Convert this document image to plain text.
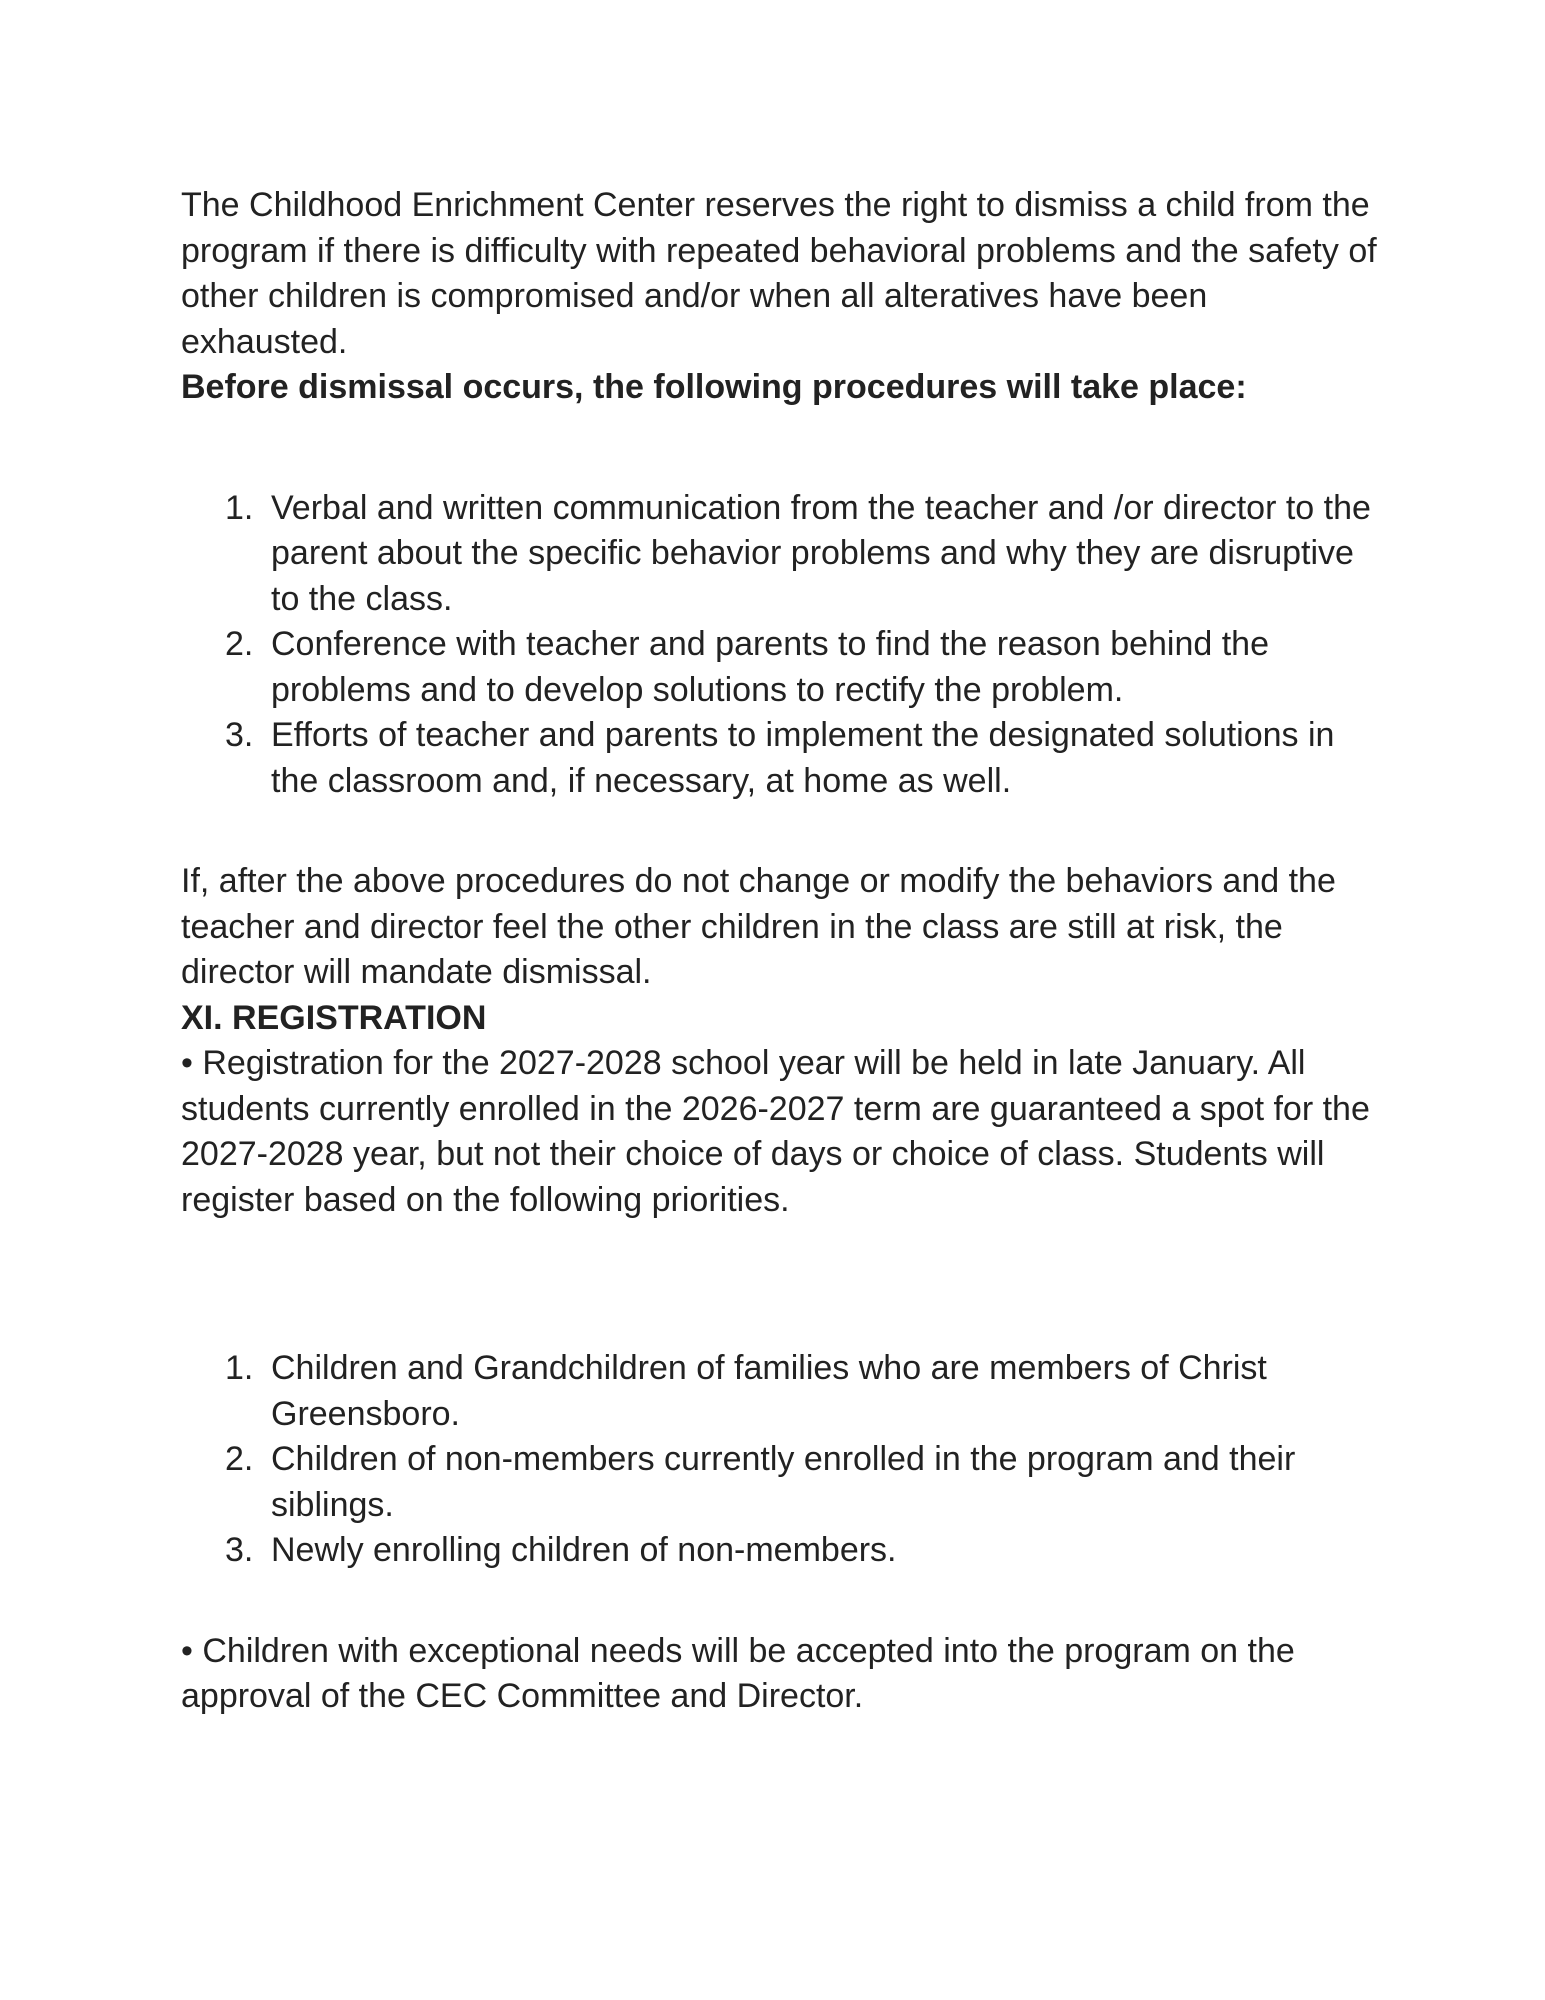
The Childhood Enrichment Center reserves the right to dismiss a child from the program if there is difficulty with repeated behavioral problems and the safety of other children is compromised and/or when all alteratives have been exhausted.

Before dismissal occurs, the following procedures will take place:

1. Verbal and written communication from the teacher and /or director to the parent about the specific behavior problems and why they are disruptive to the class.
2. Conference with teacher and parents to find the reason behind the problems and to develop solutions to rectify the problem.
3. Efforts of teacher and parents to implement the designated solutions in the classroom and, if necessary, at home as well.

If, after the above procedures do not change or modify the behaviors and the teacher and director feel the other children in the class are still at risk, the director will mandate dismissal.

XI. REGISTRATION

• Registration for the 2027-2028 school year will be held in late January. All students currently enrolled in the 2026-2027 term are guaranteed a spot for the 2027-2028 year, but not their choice of days or choice of class. Students will register based on the following priorities.

1. Children and Grandchildren of families who are members of Christ Greensboro.
2. Children of non-members currently enrolled in the program and their siblings.
3. Newly enrolling children of non-members.

• Children with exceptional needs will be accepted into the program on the approval of the CEC Committee and Director.
